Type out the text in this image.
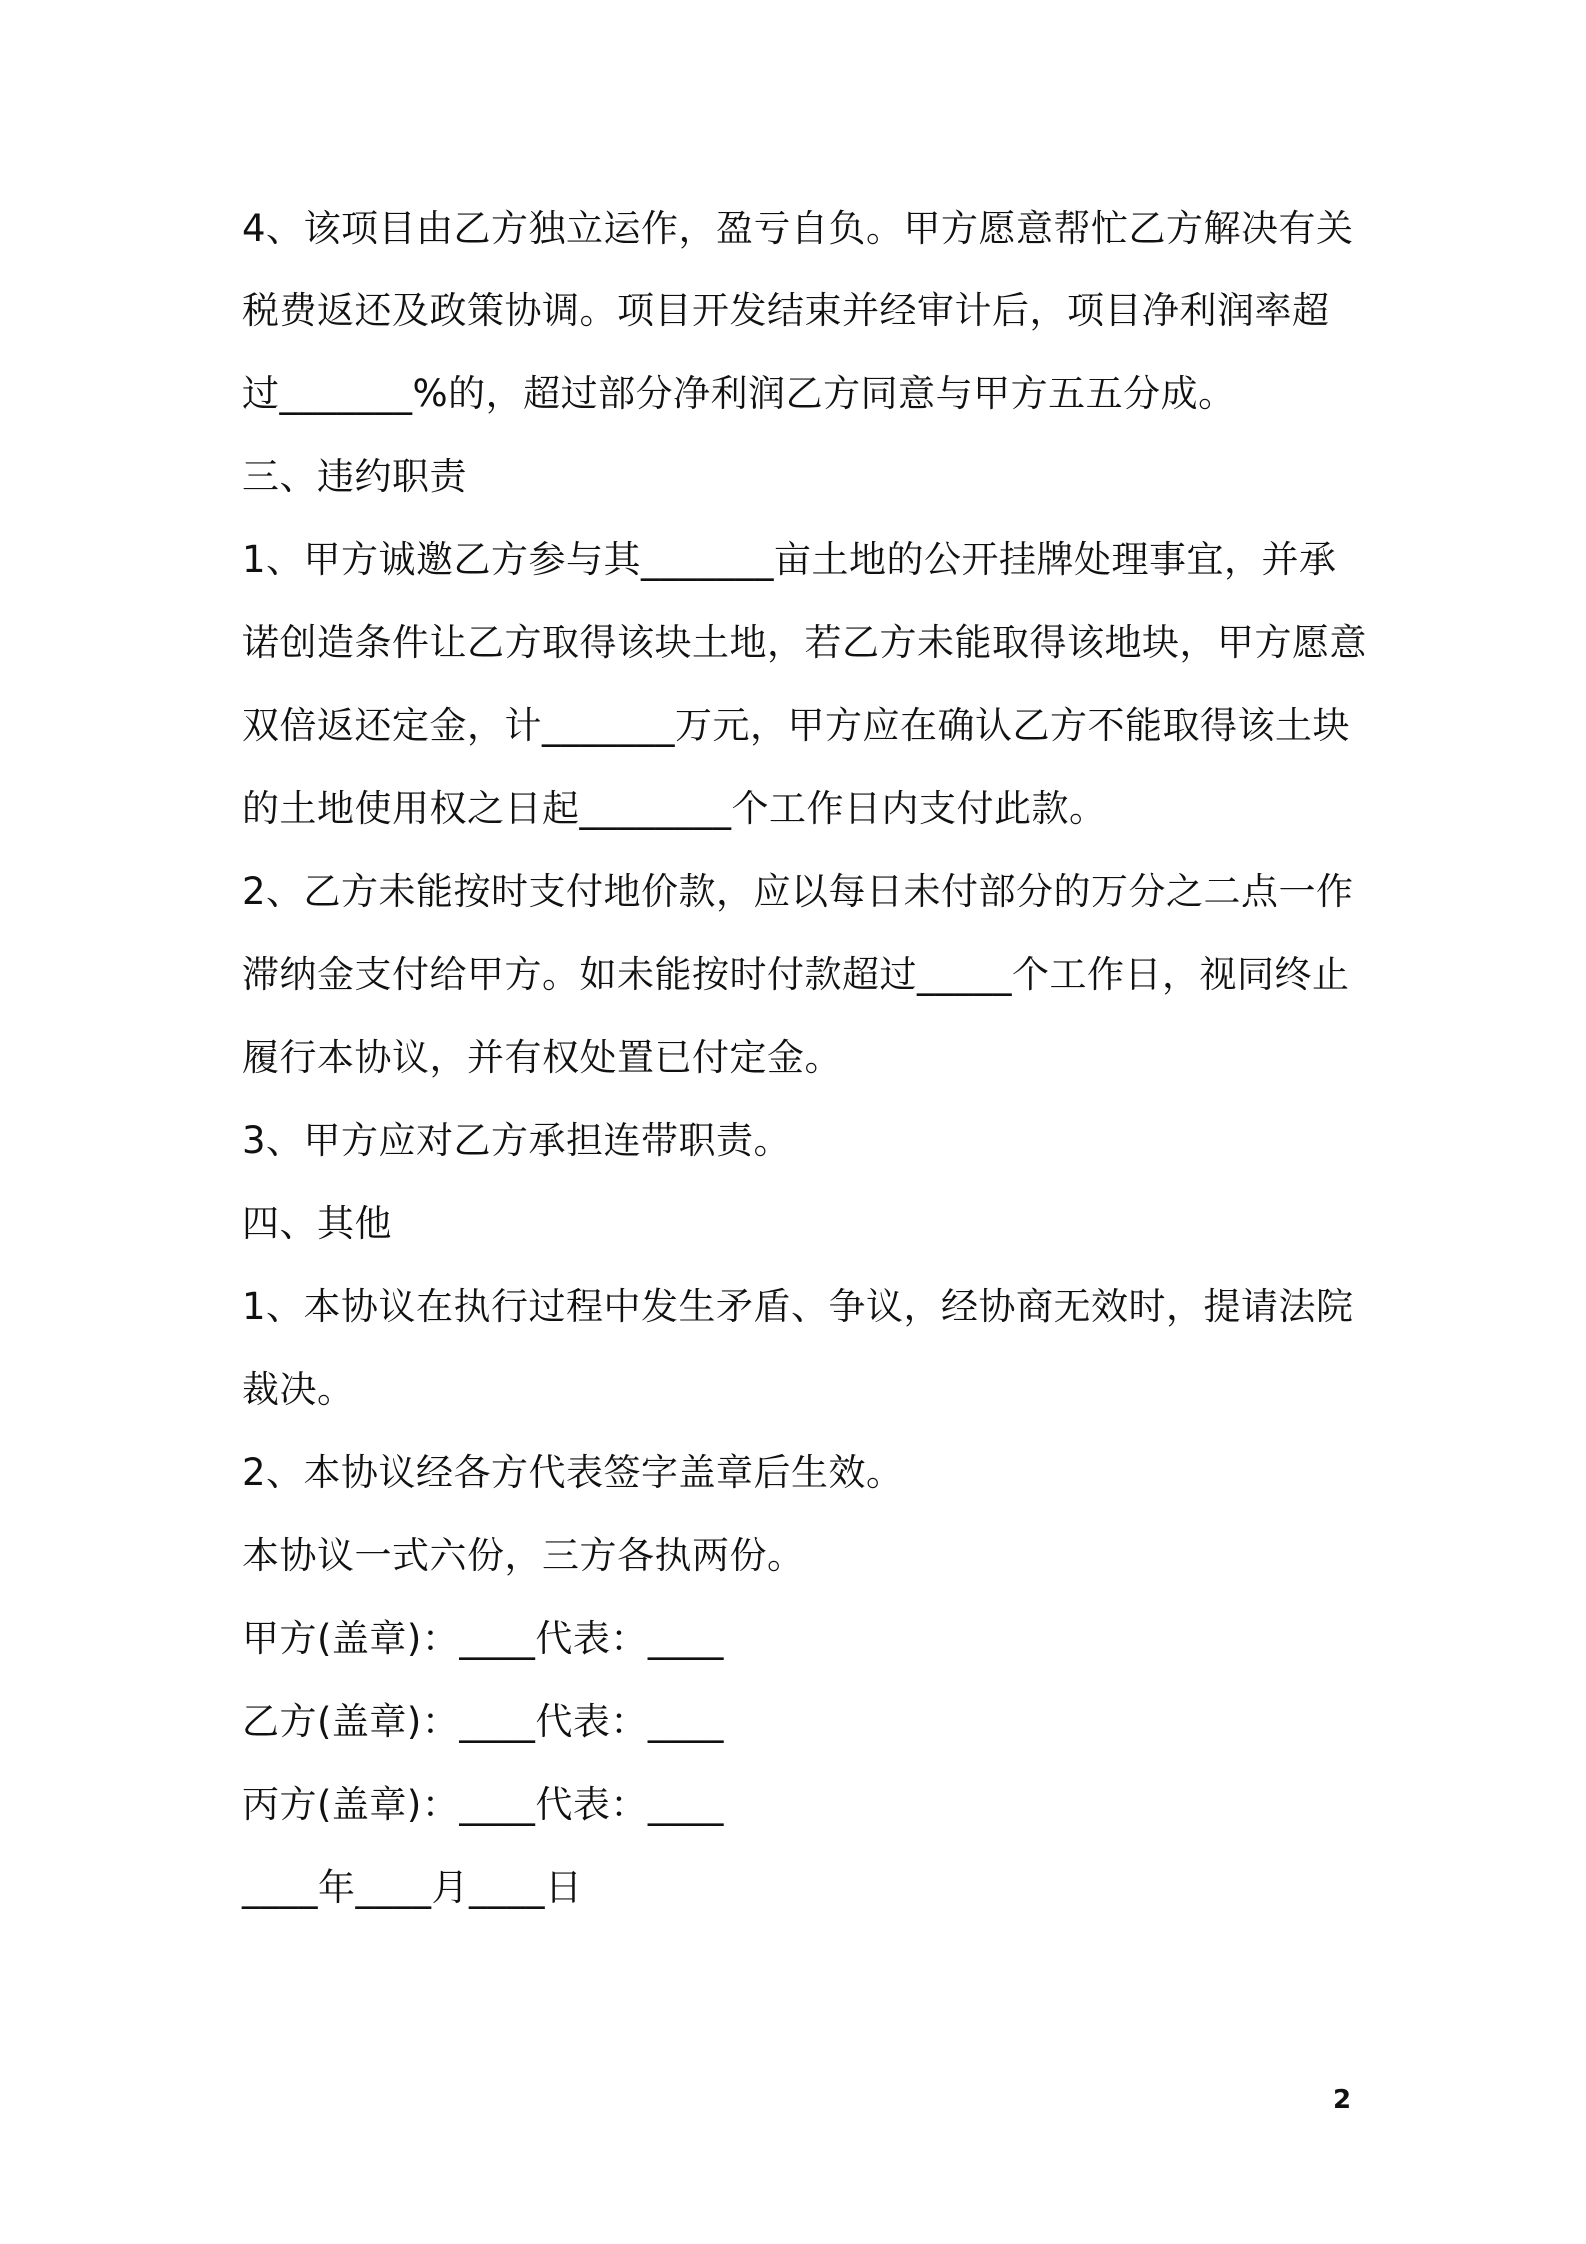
4、该项目由乙方独立运作，盈亏自负。甲方愿意帮忙乙方解决有关
税费返还及政策协调。项目开发结束并经审计后，项目净利润率超
过_______%的，超过部分净利润乙方同意与甲方五五分成。
三、违约职责
1、甲方诚邀乙方参与其_______亩土地的公开挂牌处理事宜，并承
诺创造条件让乙方取得该块土地，若乙方未能取得该地块，甲方愿意
双倍返还定金，计_______万元，甲方应在确认乙方不能取得该土块
的土地使用权之日起________个工作日内支付此款。
2、乙方未能按时支付地价款，应以每日未付部分的万分之二点一作
滞纳金支付给甲方。如未能按时付款超过_____个工作日，视同终止
履行本协议，并有权处置已付定金。
3、甲方应对乙方承担连带职责。
四、其他
1、本协议在执行过程中发生矛盾、争议，经协商无效时，提请法院
裁决。
2、本协议经各方代表签字盖章后生效。
本协议一式六份，三方各执两份。
甲方(盖章)：____代表：____
乙方(盖章)：____代表：____
丙方(盖章)：____代表：____
____年____月____日
2
